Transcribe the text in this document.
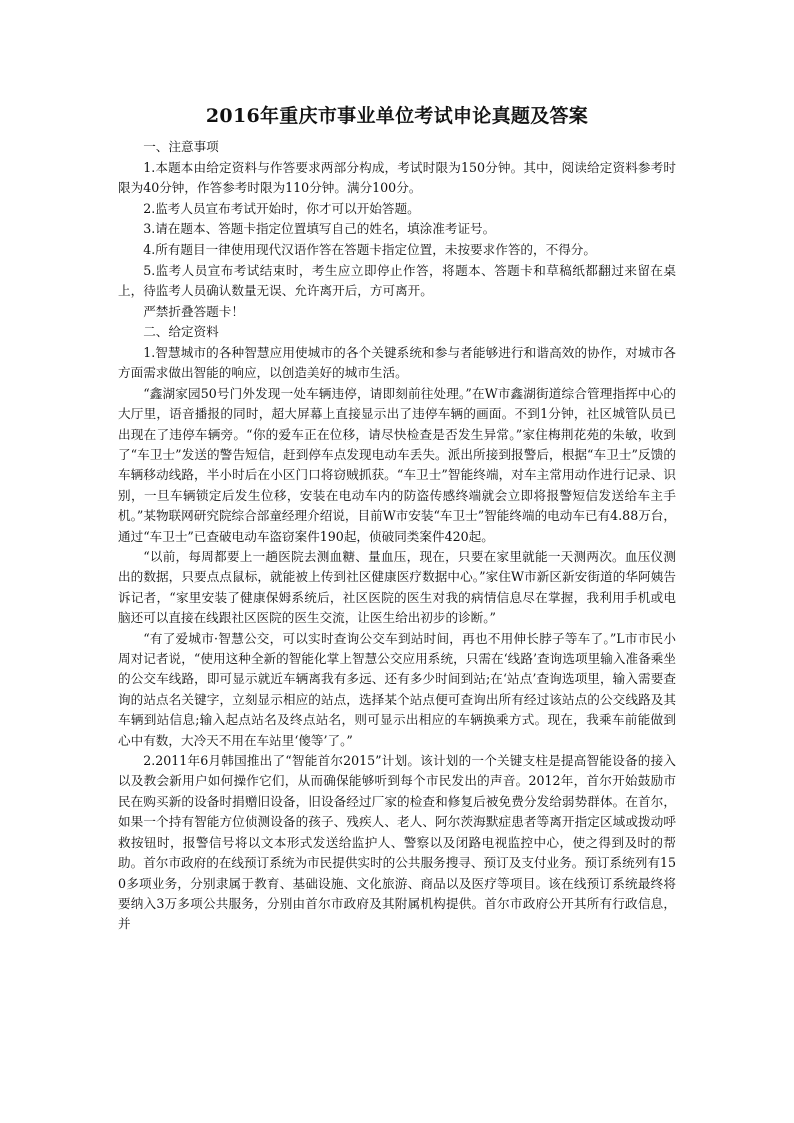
2016年重庆市事业单位考试申论真题及答案

一、注意事项

1.本题本由给定资料与作答要求两部分构成，考试时限为150分钟。其中，阅读给定资料参考时限为40分钟，作答参考时限为110分钟。满分100分。

2.监考人员宣布考试开始时，你才可以开始答题。

3.请在题本、答题卡指定位置填写自己的姓名，填涂准考证号。

4.所有题目一律使用现代汉语作答在答题卡指定位置，未按要求作答的，不得分。

5.监考人员宣布考试结束时，考生应立即停止作答，将题本、答题卡和草稿纸都翻过来留在桌上，待监考人员确认数量无误、允许离开后，方可离开。

严禁折叠答题卡！

二、给定资料

1.智慧城市的各种智慧应用使城市的各个关键系统和参与者能够进行和谐高效的协作，对城市各方面需求做出智能的响应，以创造美好的城市生活。

“鑫湖家园50号门外发现一处车辆违停，请即刻前往处理。”在W市鑫湖街道综合管理指挥中心的大厅里，语音播报的同时，超大屏幕上直接显示出了违停车辆的画面。不到1分钟，社区城管队员已出现在了违停车辆旁。“你的爱车正在位移，请尽快检查是否发生异常。”家住梅荆花苑的朱敏，收到了“车卫士”发送的警告短信，赶到停车点发现电动车丢失。派出所接到报警后，根据“车卫士”反馈的车辆移动线路，半小时后在小区门口将窃贼抓获。“车卫士”智能终端，对车主常用动作进行记录、识别，一旦车辆锁定后发生位移，安装在电动车内的防盗传感终端就会立即将报警短信发送给车主手机。”某物联网研究院综合部童经理介绍说，目前W市安装“车卫士”智能终端的电动车已有4.88万台，通过“车卫士”已查破电动车盗窃案件190起，侦破同类案件420起。

“以前，每周都要上一趟医院去测血糖、量血压，现在，只要在家里就能一天测两次。血压仪测出的数据，只要点点鼠标，就能被上传到社区健康医疗数据中心。”家住W市新区新安街道的华阿姨告诉记者，“家里安装了健康保姆系统后，社区医院的医生对我的病情信息尽在掌握，我利用手机或电脑还可以直接在线跟社区医院的医生交流，让医生给出初步的诊断。”

“有了爱城市·智慧公交，可以实时查询公交车到站时间，再也不用伸长脖子等车了。”L市市民小周对记者说，“使用这种全新的智能化掌上智慧公交应用系统，只需在‘线路’查询选项里输入准备乘坐的公交车线路，即可显示就近车辆离我有多远、还有多少时间到站;在‘站点’查询选项里，输入需要查询的站点名关键字，立刻显示相应的站点，选择某个站点便可查询出所有经过该站点的公交线路及其车辆到站信息;输入起点站名及终点站名，则可显示出相应的车辆换乘方式。现在，我乘车前能做到心中有数，大冷天不用在车站里‘傻等’了。”

2.2011年6月韩国推出了“智能首尔2015”计划。该计划的一个关键支柱是提高智能设备的接入以及教会新用户如何操作它们，从而确保能够听到每个市民发出的声音。2012年，首尔开始鼓励市民在购买新的设备时捐赠旧设备，旧设备经过厂家的检查和修复后被免费分发给弱势群体。在首尔，如果一个持有智能方位侦测设备的孩子、残疾人、老人、阿尔茨海默症患者等离开指定区域或拨动呼救按钮时，报警信号将以文本形式发送给监护人、警察以及闭路电视监控中心，使之得到及时的帮助。首尔市政府的在线预订系统为市民提供实时的公共服务搜寻、预订及支付业务。预订系统列有150多项业务，分别隶属于教育、基础设施、文化旅游、商品以及医疗等项目。该在线预订系统最终将要纳入3万多项公共服务，分别由首尔市政府及其附属机构提供。首尔市政府公开其所有行政信息，并
